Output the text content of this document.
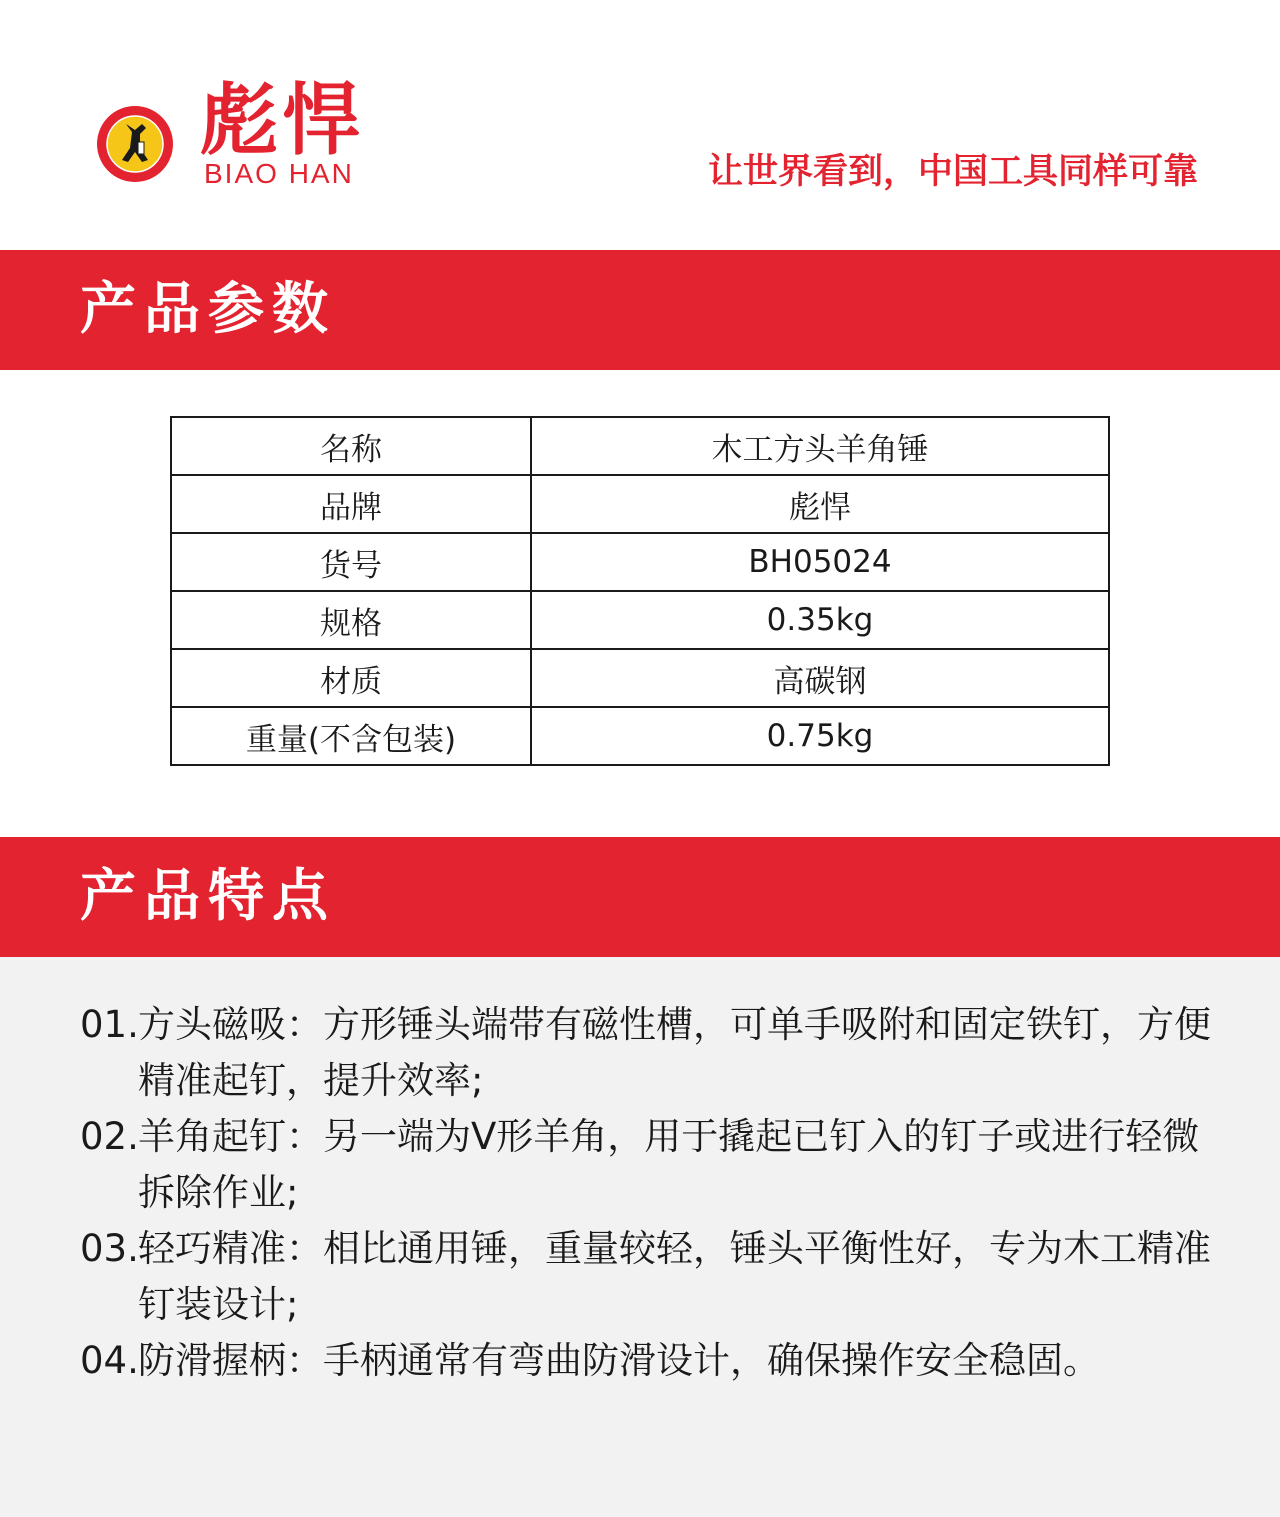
彪悍
BIAO HAN	让世界看到，中国工具同样可靠
产品参数
名称	木工方头羊角锤
品牌	彪悍
货号	BH05024
规格	0.35kg
材质	高碳钢
重量(不含包装)	0.75kg
产品特点
01. 方头磁吸：方形锤头端带有磁性槽，可单手吸附和固定铁钉，方便精准起钉，提升效率;
02. 羊角起钉：另一端为V形羊角，用于撬起已钉入的钉子或进行轻微拆除作业;
03. 轻巧精准：相比通用锤，重量较轻，锤头平衡性好，专为木工精准钉装设计;
04. 防滑握柄：手柄通常有弯曲防滑设计，确保操作安全稳固。
